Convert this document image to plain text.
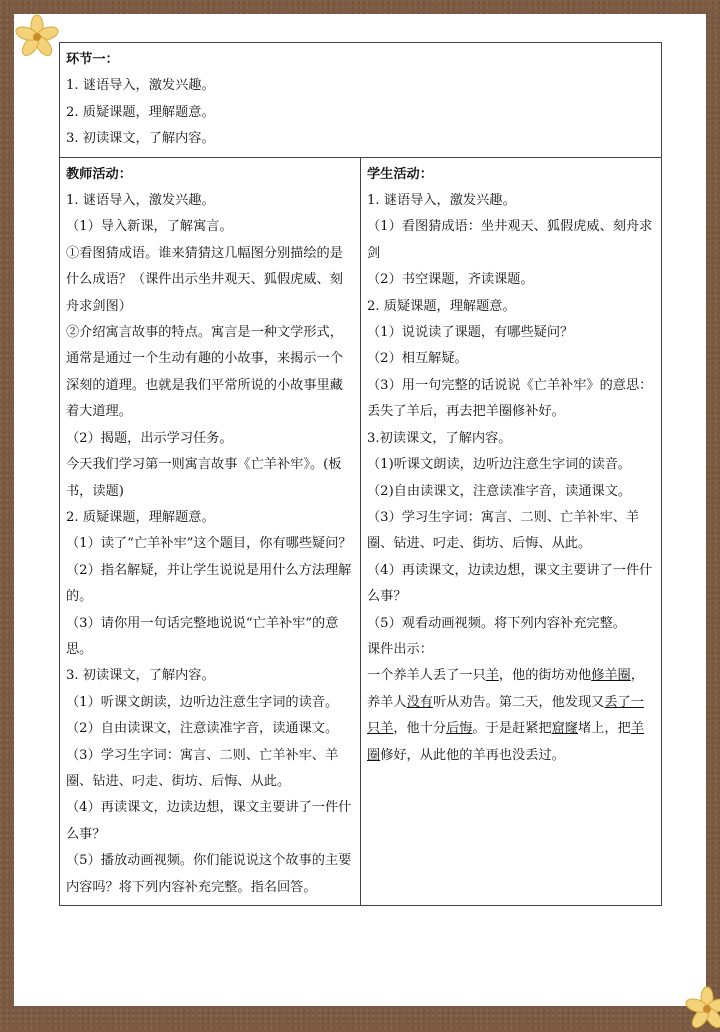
环节一：
1. 谜语导入，激发兴趣。
2. 质疑课题，理解题意。
3. 初读课文，了解内容。

教师活动：
1. 谜语导入，激发兴趣。
（1）导入新课，了解寓言。
①看图猜成语。谁来猜猜这几幅图分别描绘的是什么成语？（课件出示坐井观天、狐假虎威、刻舟求剑图）
②介绍寓言故事的特点。寓言是一种文学形式，通常是通过一个生动有趣的小故事，来揭示一个深刻的道理。也就是我们平常所说的小故事里藏着大道理。
（2）揭题，出示学习任务。
今天我们学习第一则寓言故事《亡羊补牢》。(板书，读题)
2. 质疑课题，理解题意。
（1）读了“亡羊补牢”这个题目，你有哪些疑问？
（2）指名解疑，并让学生说说是用什么方法理解的。
（3）请你用一句话完整地说说“亡羊补牢”的意思。
3. 初读课文，了解内容。
（1）听课文朗读，边听边注意生字词的读音。
（2）自由读课文，注意读准字音，读通课文。
（3）学习生字词：寓言、二则、亡羊补牢、羊圈、钻进、叼走、街坊、后悔、从此。
（4）再读课文，边读边想，课文主要讲了一件什么事？
（5）播放动画视频。你们能说说这个故事的主要内容吗？将下列内容补充完整。指名回答。

学生活动：
1. 谜语导入，激发兴趣。
（1）看图猜成语：坐井观天、狐假虎威、刻舟求剑
（2）书空课题，齐读课题。
2. 质疑课题，理解题意。
（1）说说读了课题，有哪些疑问？
（2）相互解疑。
（3）用一句完整的话说说《亡羊补牢》的意思：丢失了羊后，再去把羊圈修补好。
3.初读课文，了解内容。
（1)听课文朗读，边听边注意生字词的读音。
（2)自由读课文，注意读准字音，读通课文。
（3）学习生字词：寓言、二则、亡羊补牢、羊圈、钻进、叼走、街坊、后悔、从此。
（4）再读课文，边读边想，课文主要讲了一件什么事？
（5）观看动画视频。将下列内容补充完整。
课件出示：
一个养羊人丢了一只羊，他的街坊劝他修羊圈，养羊人没有听从劝告。第二天，他发现又丢了一只羊，他十分后悔。于是赶紧把窟窿堵上，把羊圈修好，从此他的羊再也没丢过。
